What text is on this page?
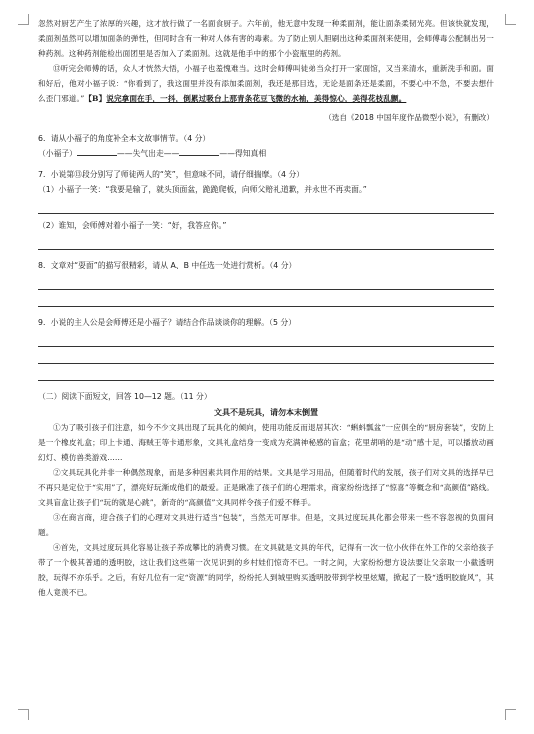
忽然对厨艺产生了浓厚的兴趣，这才放行做了一名面食厨子。六年前，他无意中发现一种柔面剂，能让面条柔韧光亮。但该快就发现，柔面剂虽然可以增加面条的弹性，但同时含有一种对人体有害的毒素。为了防止别人胆刷出这种柔面剂来使用，会师傅毒公配制出另一种药剂。这种药剂能检出面团里是否加入了柔面剂。这就是他手中的那个小瓷瓶里的药剂。

⑬听完会师傅的话，众人才恍然大悟，小福子也羞愧难当。这时会师傅叫徒弟当众打开一家面馆，又当来清水，重新洗手和面。面和好后，他对小福子说：“你看到了，我这面里并没有添加柔面剂，我还是那目选，无论是面条还是柔面，不要心中不急，不要去想什么歪门邪道。”【B】说完拿面在手，一抖，倒累过吸台上那青条花豆飞微的水袖，美得惊心，美得花枝乱颤。

（选自《2018 中国年度作品微型小说》，有删改）
6．请从小福子的角度补全本文故事情节。（4 分）
（小福子）	——失气出走——	——得知真相
7．小说第⑬段分别写了师徒两人的“笑”，但意味不同，请仔细揣摩。（4 分）
（1）小福子一笑：“我要是输了，就头顶面盆，跪跪爬板，向师父赔礼道歉，并永世不再卖面。”
（2）谁知，会师傅对着小福子一笑：“好，我答应你。”
8．文章对“耍面”的描写很精彩，请从 A、B 中任选一处进行赏析。（4 分）
9．小说的主人公是会师傅还是小福子？请结合作品谈谈你的理解。（5 分）
（二）阅读下面短文，回答 10—12 题。（11 分）
文具不是玩具，请勿本末倒置

①为了吸引孩子们注意，如今不少文具出现了玩具化的倾向，使用功能反而退居其次：“蝌蚪瓢盆”一应俱全的“厨房套装”，安防上是一个橡皮礼盒；印上卡通、海贼王等卡通形象，文具礼盒结身一变成为充满神秘感的盲盒；花里胡哨的是“动”感十足，可以播放动画幻灯、模仿兽类游戏……

②文具玩具化并非一种偶然现象，而是多种因素共同作用的结果。文具是学习用品，但随着时代的发展，孩子们对文具的选择早已不再只是定位于“实用”了，漂亮好玩渐成他们的最爱。正是瞅准了孩子们的心理需求，商家纷纷选择了“惊喜”等概念和“高颜值”路线。文具盲盒让孩子们“玩的就是心跳”，新奇的“高颜值”文具同样令孩子们爱不释手。

③在商言商，迎合孩子们的心理对文具进行适当“包装”，当然无可厚非。但是，文具过度玩具化都会带来一些不容忽视的负面问题。

④首先，文具过度玩具化容易让孩子养成攀比的消费习惯。在文具就是文具的年代，记得有一次一位小伙伴在外工作的父亲给孩子带了一个极其普通的透明胶，这让我们这些第一次见识到的乡村娃们惊奇不已。一时之间，大家纷纷想方设法要让父亲取一小截透明胶，玩得不亦乐乎。之后，有好几位有一定“资源”的同学，纷纷托人到城里购买透明胶带到学校里炫耀，掀起了一股“透明胶旋风”，其他人竟羡不已。
